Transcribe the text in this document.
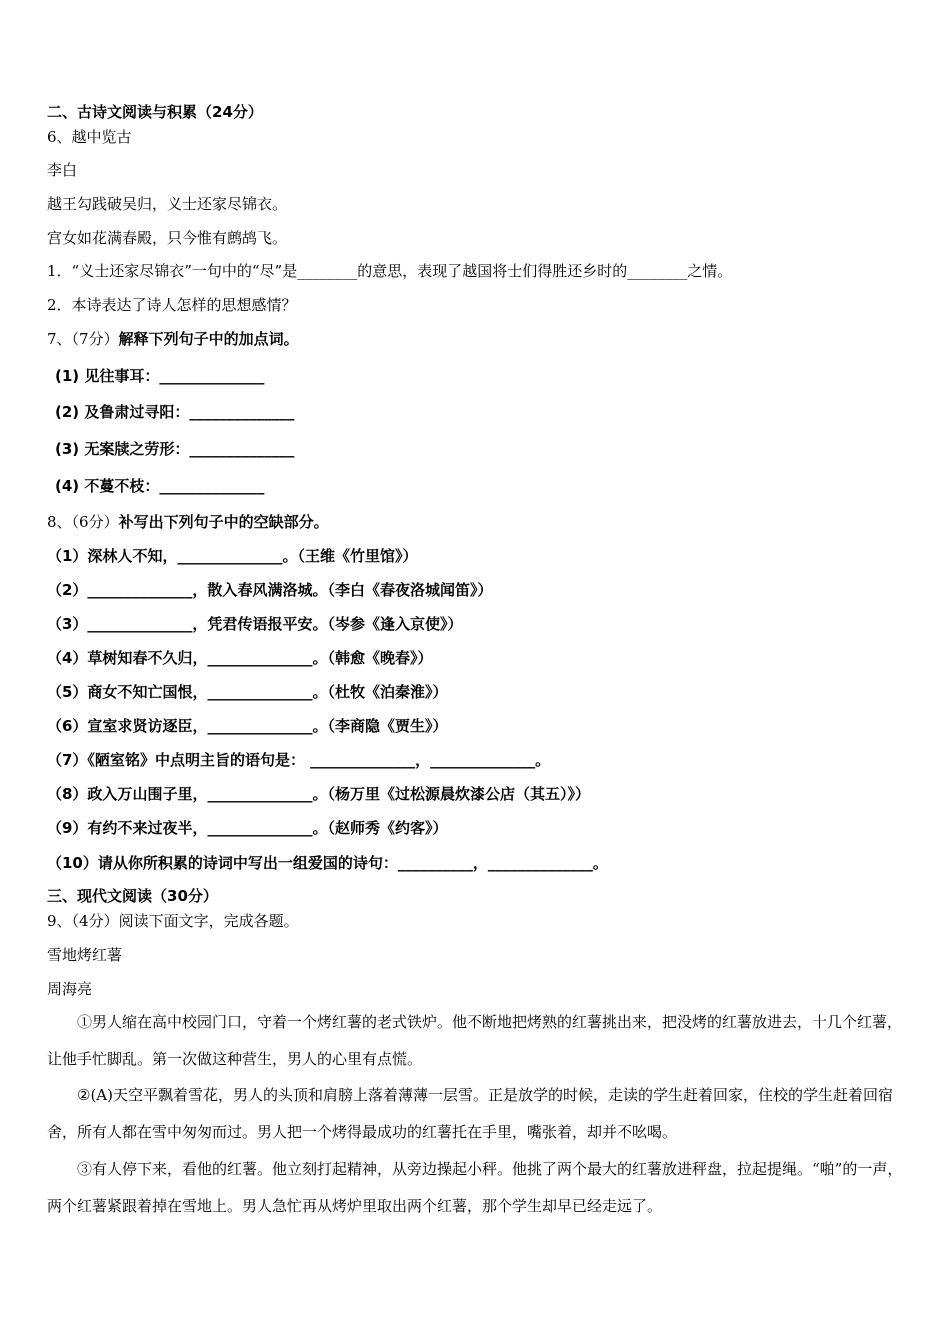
二、古诗文阅读与积累（24分）
6、越中览古
李白
越王勾践破吴归，义士还家尽锦衣。
宫女如花满春殿，只今惟有鹧鸪飞。
1．“义士还家尽锦衣”一句中的“尽”是________的意思，表现了越国将士们得胜还乡时的________之情。
2．本诗表达了诗人怎样的思想感情？
7、（7分）解释下列句子中的加点词。
(1) 见往事耳：______________
(2) 及鲁肃过寻阳：______________
(3) 无案牍之劳形：______________
(4) 不蔓不枝：______________
8、（6分）补写出下列句子中的空缺部分。
（1）深林人不知，______________。（王维《竹里馆》）
（2）______________，散入春风满洛城。（李白《春夜洛城闻笛》）
（3）______________，凭君传语报平安。（岑参《逢入京使》）
（4）草树知春不久归，______________。（韩愈《晚春》）
（5）商女不知亡国恨，______________。（杜牧《泊秦淮》）
（6）宣室求贤访逐臣，______________。（李商隐《贾生》）
（7）《陋室铭》中点明主旨的语句是： ______________，______________。
（8）政入万山围子里，______________。（杨万里《过松源晨炊漆公店（其五）》）
（9）有约不来过夜半，______________。（赵师秀《约客》）
（10）请从你所积累的诗词中写出一组爱国的诗句：__________，______________。
三、现代文阅读（30分）
9、（4分）阅读下面文字，完成各题。
雪地烤红薯
周海亮
①男人缩在高中校园门口，守着一个烤红薯的老式铁炉。他不断地把烤熟的红薯挑出来，把没烤的红薯放进去，十几个红薯，让他手忙脚乱。第一次做这种营生，男人的心里有点慌。
②(A)天空平飘着雪花，男人的头顶和肩膀上落着薄薄一层雪。正是放学的时候，走读的学生赶着回家，住校的学生赶着回宿舍，所有人都在雪中匆匆而过。男人把一个烤得最成功的红薯托在手里，嘴张着，却并不吆喝。
③有人停下来，看他的红薯。他立刻打起精神，从旁边操起小秤。他挑了两个最大的红薯放进秤盘，拉起提绳。“啪”的一声，两个红薯紧跟着掉在雪地上。男人急忙再从烤炉里取出两个红薯，那个学生却早已经走远了。
